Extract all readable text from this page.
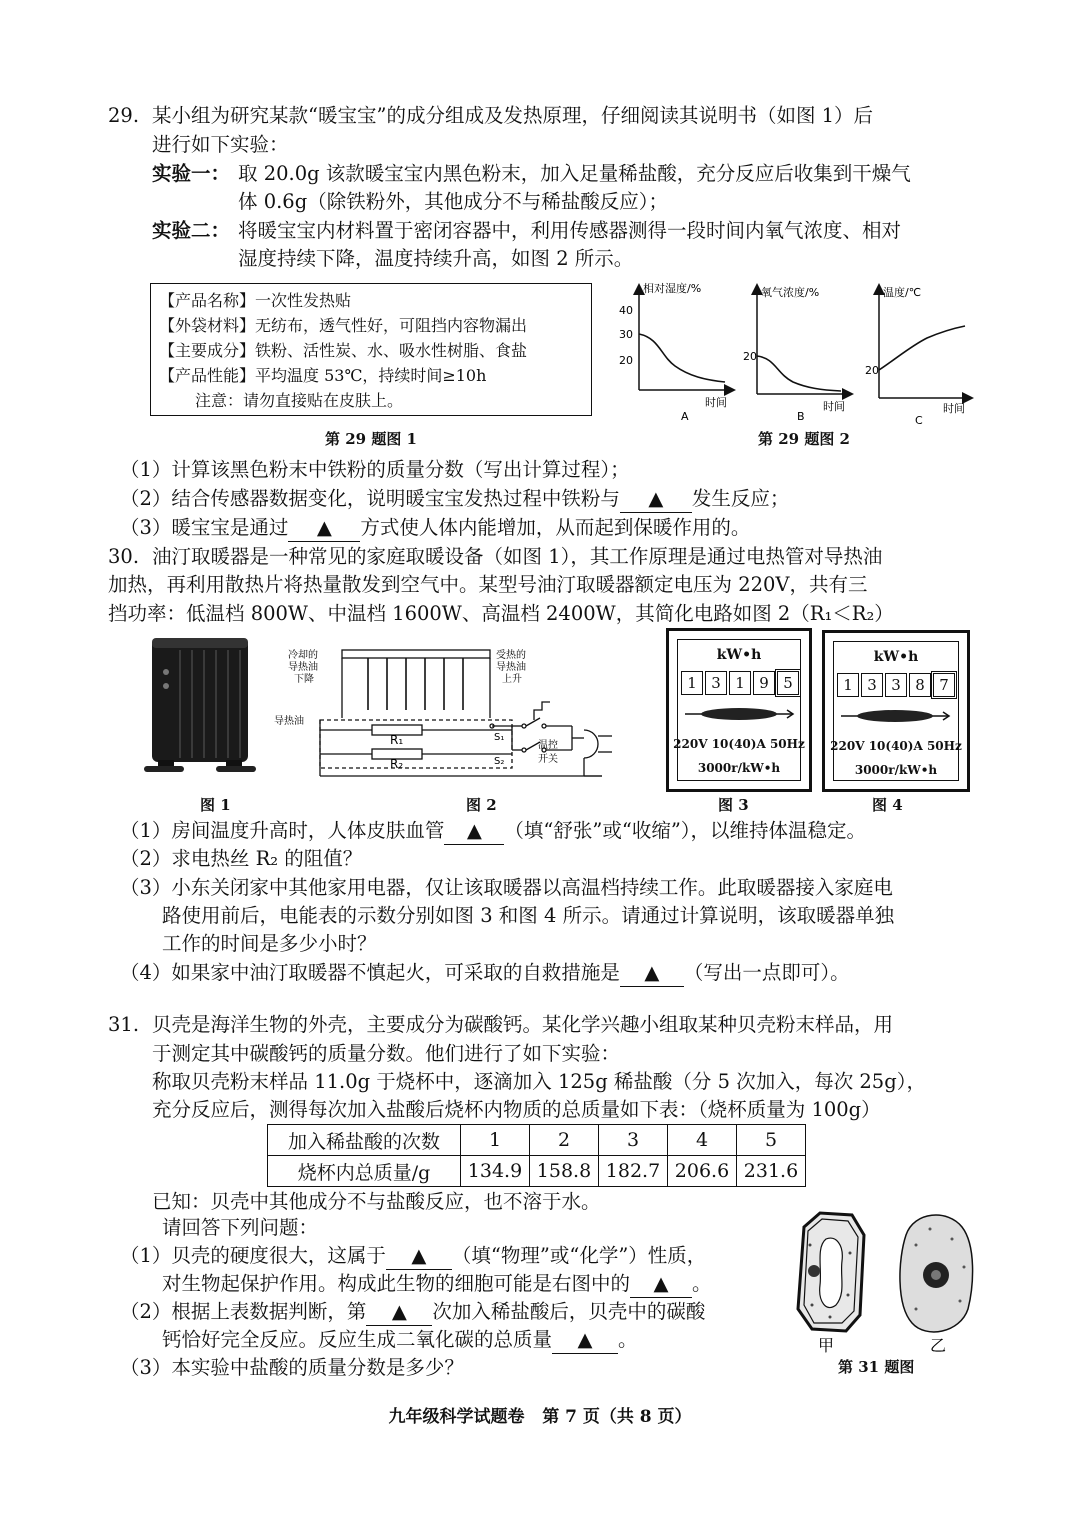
29. 某小组为研究某款“暖宝宝”的成分组成及发热原理，仔细阅读其说明书（如图 1）后
进行如下实验：
实验一： 取 20.0g 该款暖宝宝内黑色粉末，加入足量稀盐酸，充分反应后收集到干燥气
体 0.6g（除铁粉外，其他成分不与稀盐酸反应）；
实验二： 将暖宝宝内材料置于密闭容器中，利用传感器测得一段时间内氧气浓度、相对
湿度持续下降，温度持续升高，如图 2 所示。
【产品名称】一次性发热贴
【外袋材料】无纺布，透气性好，可阻挡内容物漏出
【主要成分】铁粉、活性炭、水、吸水性树脂、食盐
【产品性能】平均温度 53℃，持续时间≥10h
注意：请勿直接贴在皮肤上。
第 29 题图 1
相对湿度/%
40
30
20
时间
A
氧气浓度/%
20
时间
B
温度/℃
20
时间
C
第 29 题图 2
（1）计算该黑色粉末中铁粉的质量分数（写出计算过程）；
（2）结合传感器数据变化，说明暖宝宝发热过程中铁粉与 ▲ 发生反应；
（3）暖宝宝是通过 ▲ 方式使人体内能增加，从而起到保暖作用的。
30. 油汀取暖器是一种常见的家庭取暖设备（如图 1），其工作原理是通过电热管对导热油
加热，再利用散热片将热量散发到空气中。某型号油汀取暖器额定电压为 220V，共有三
挡功率：低温档 800W、中温档 1600W、高温档 2400W，其简化电路如图 2（R₁＜R₂）
冷却的
导热油
下降
受热的
导热油
上升
导热油
R₁
R₂
S₁
S₂
温控
开关
kW•h
1 3 1 9 5
220V 10(40)A 50Hz
3000r/kW•h
kW•h
1 3 3 8 7
220V 10(40)A 50Hz
3000r/kW•h
图 1	图 2	图 3	图 4
（1）房间温度升高时，人体皮肤血管 ▲ （填“舒张”或“收缩”），以维持体温稳定。
（2）求电热丝 R₂ 的阻值？
（3）小东关闭家中其他家用电器，仅让该取暖器以高温档持续工作。此取暖器接入家庭电
路使用前后，电能表的示数分别如图 3 和图 4 所示。请通过计算说明，该取暖器单独
工作的时间是多少小时？
（4）如果家中油汀取暖器不慎起火，可采取的自救措施是 ▲ （写出一点即可）。
31. 贝壳是海洋生物的外壳，主要成分为碳酸钙。某化学兴趣小组取某种贝壳粉末样品，用
于测定其中碳酸钙的质量分数。他们进行了如下实验：
称取贝壳粉末样品 11.0g 于烧杯中，逐滴加入 125g 稀盐酸（分 5 次加入，每次 25g），
充分反应后，测得每次加入盐酸后烧杯内物质的总质量如下表：（烧杯质量为 100g）
加入稀盐酸的次数	1	2	3	4	5
烧杯内总质量/g	134.9	158.8	182.7	206.6	231.6
已知：贝壳中其他成分不与盐酸反应，也不溶于水。
请回答下列问题：
（1）贝壳的硬度很大，这属于 ▲ （填“物理”或“化学”）性质，
对生物起保护作用。构成此生物的细胞可能是右图中的 ▲ 。
（2）根据上表数据判断，第 ▲ 次加入稀盐酸后，贝壳中的碳酸
钙恰好完全反应。反应生成二氧化碳的总质量 ▲ 。
（3）本实验中盐酸的质量分数是多少？
甲	乙
第 31 题图
九年级科学试题卷   第 7 页（共 8 页）
